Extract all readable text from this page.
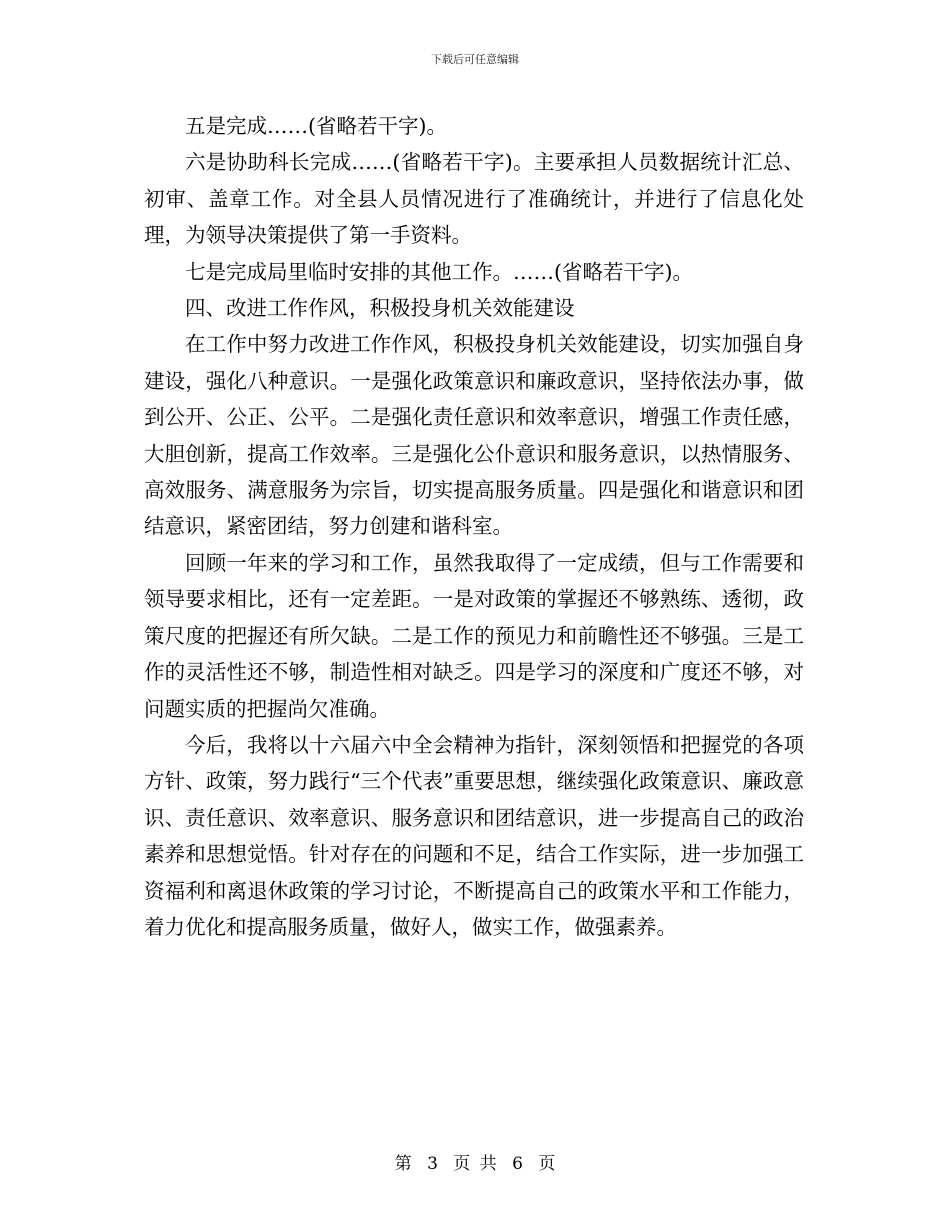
下载后可任意编辑

五是完成……(省略若干字)。

六是协助科长完成……(省略若干字)。主要承担人员数据统计汇总、初审、盖章工作。对全县人员情况进行了准确统计，并进行了信息化处理，为领导决策提供了第一手资料。

七是完成局里临时安排的其他工作。……(省略若干字)。

四、改进工作作风，积极投身机关效能建设

在工作中努力改进工作作风，积极投身机关效能建设，切实加强自身建设，强化八种意识。一是强化政策意识和廉政意识，坚持依法办事，做到公开、公正、公平。二是强化责任意识和效率意识，增强工作责任感，大胆创新，提高工作效率。三是强化公仆意识和服务意识，以热情服务、高效服务、满意服务为宗旨，切实提高服务质量。四是强化和谐意识和团结意识，紧密团结，努力创建和谐科室。

回顾一年来的学习和工作，虽然我取得了一定成绩，但与工作需要和领导要求相比，还有一定差距。一是对政策的掌握还不够熟练、透彻，政策尺度的把握还有所欠缺。二是工作的预见力和前瞻性还不够强。三是工作的灵活性还不够，制造性相对缺乏。四是学习的深度和广度还不够，对问题实质的把握尚欠准确。

今后，我将以十六届六中全会精神为指针，深刻领悟和把握党的各项方针、政策，努力践行“三个代表”重要思想，继续强化政策意识、廉政意识、责任意识、效率意识、服务意识和团结意识，进一步提高自己的政治素养和思想觉悟。针对存在的问题和不足，结合工作实际，进一步加强工资福利和离退休政策的学习讨论，不断提高自己的政策水平和工作能力，着力优化和提高服务质量，做好人，做实工作，做强素养。

第 3 页 共 6 页
